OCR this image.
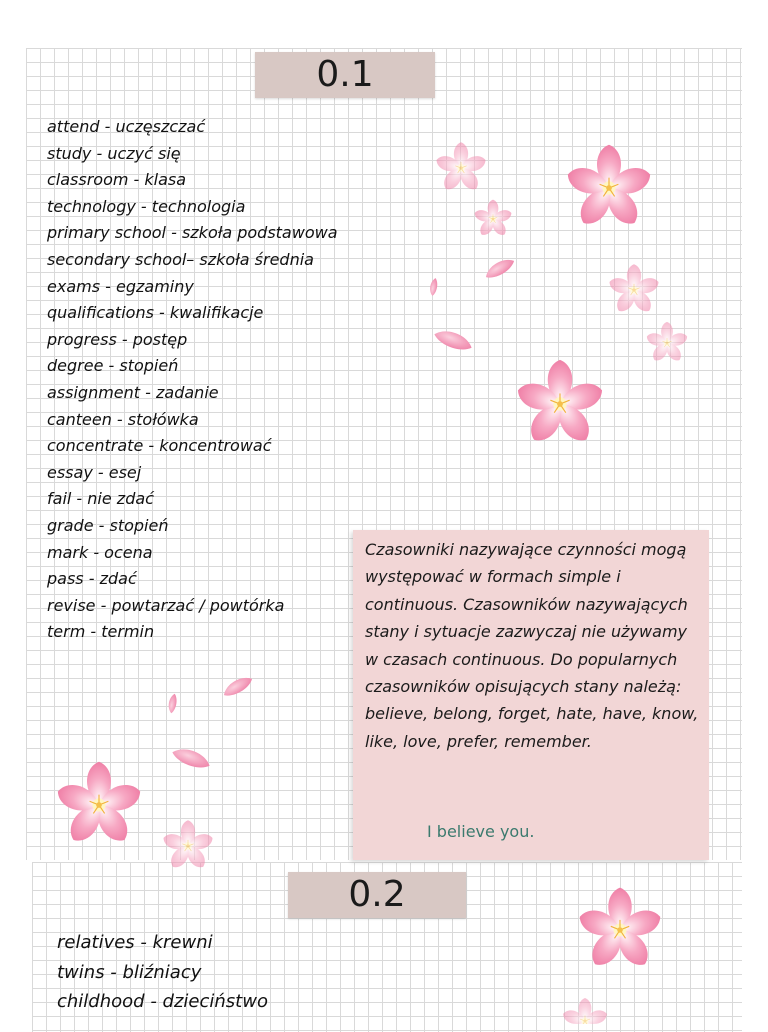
0.1
attend - uczęszczać
study - uczyć się
classroom - klasa
technology - technologia
primary school - szkoła podstawowa
secondary school– szkoła średnia
exams - egzaminy
qualifications - kwalifikacje
progress - postęp
degree - stopień
assignment - zadanie
canteen - stołówka
concentrate - koncentrować
essay - esej
fail - nie zdać
grade - stopień
mark - ocena
pass - zdać
revise - powtarzać / powtórka
term - termin
Czasowniki nazywające czynności mogą występować w formach simple i continuous. Czasowników nazywających stany i sytuacje zazwyczaj nie używamy w czasach continuous. Do popularnych czasowników opisujących stany należą: believe, belong, forget, hate, have, know, like, love, prefer, remember.
I believe you.
0.2
relatives - krewni
twins - bliźniacy
childhood - dzieciństwo
